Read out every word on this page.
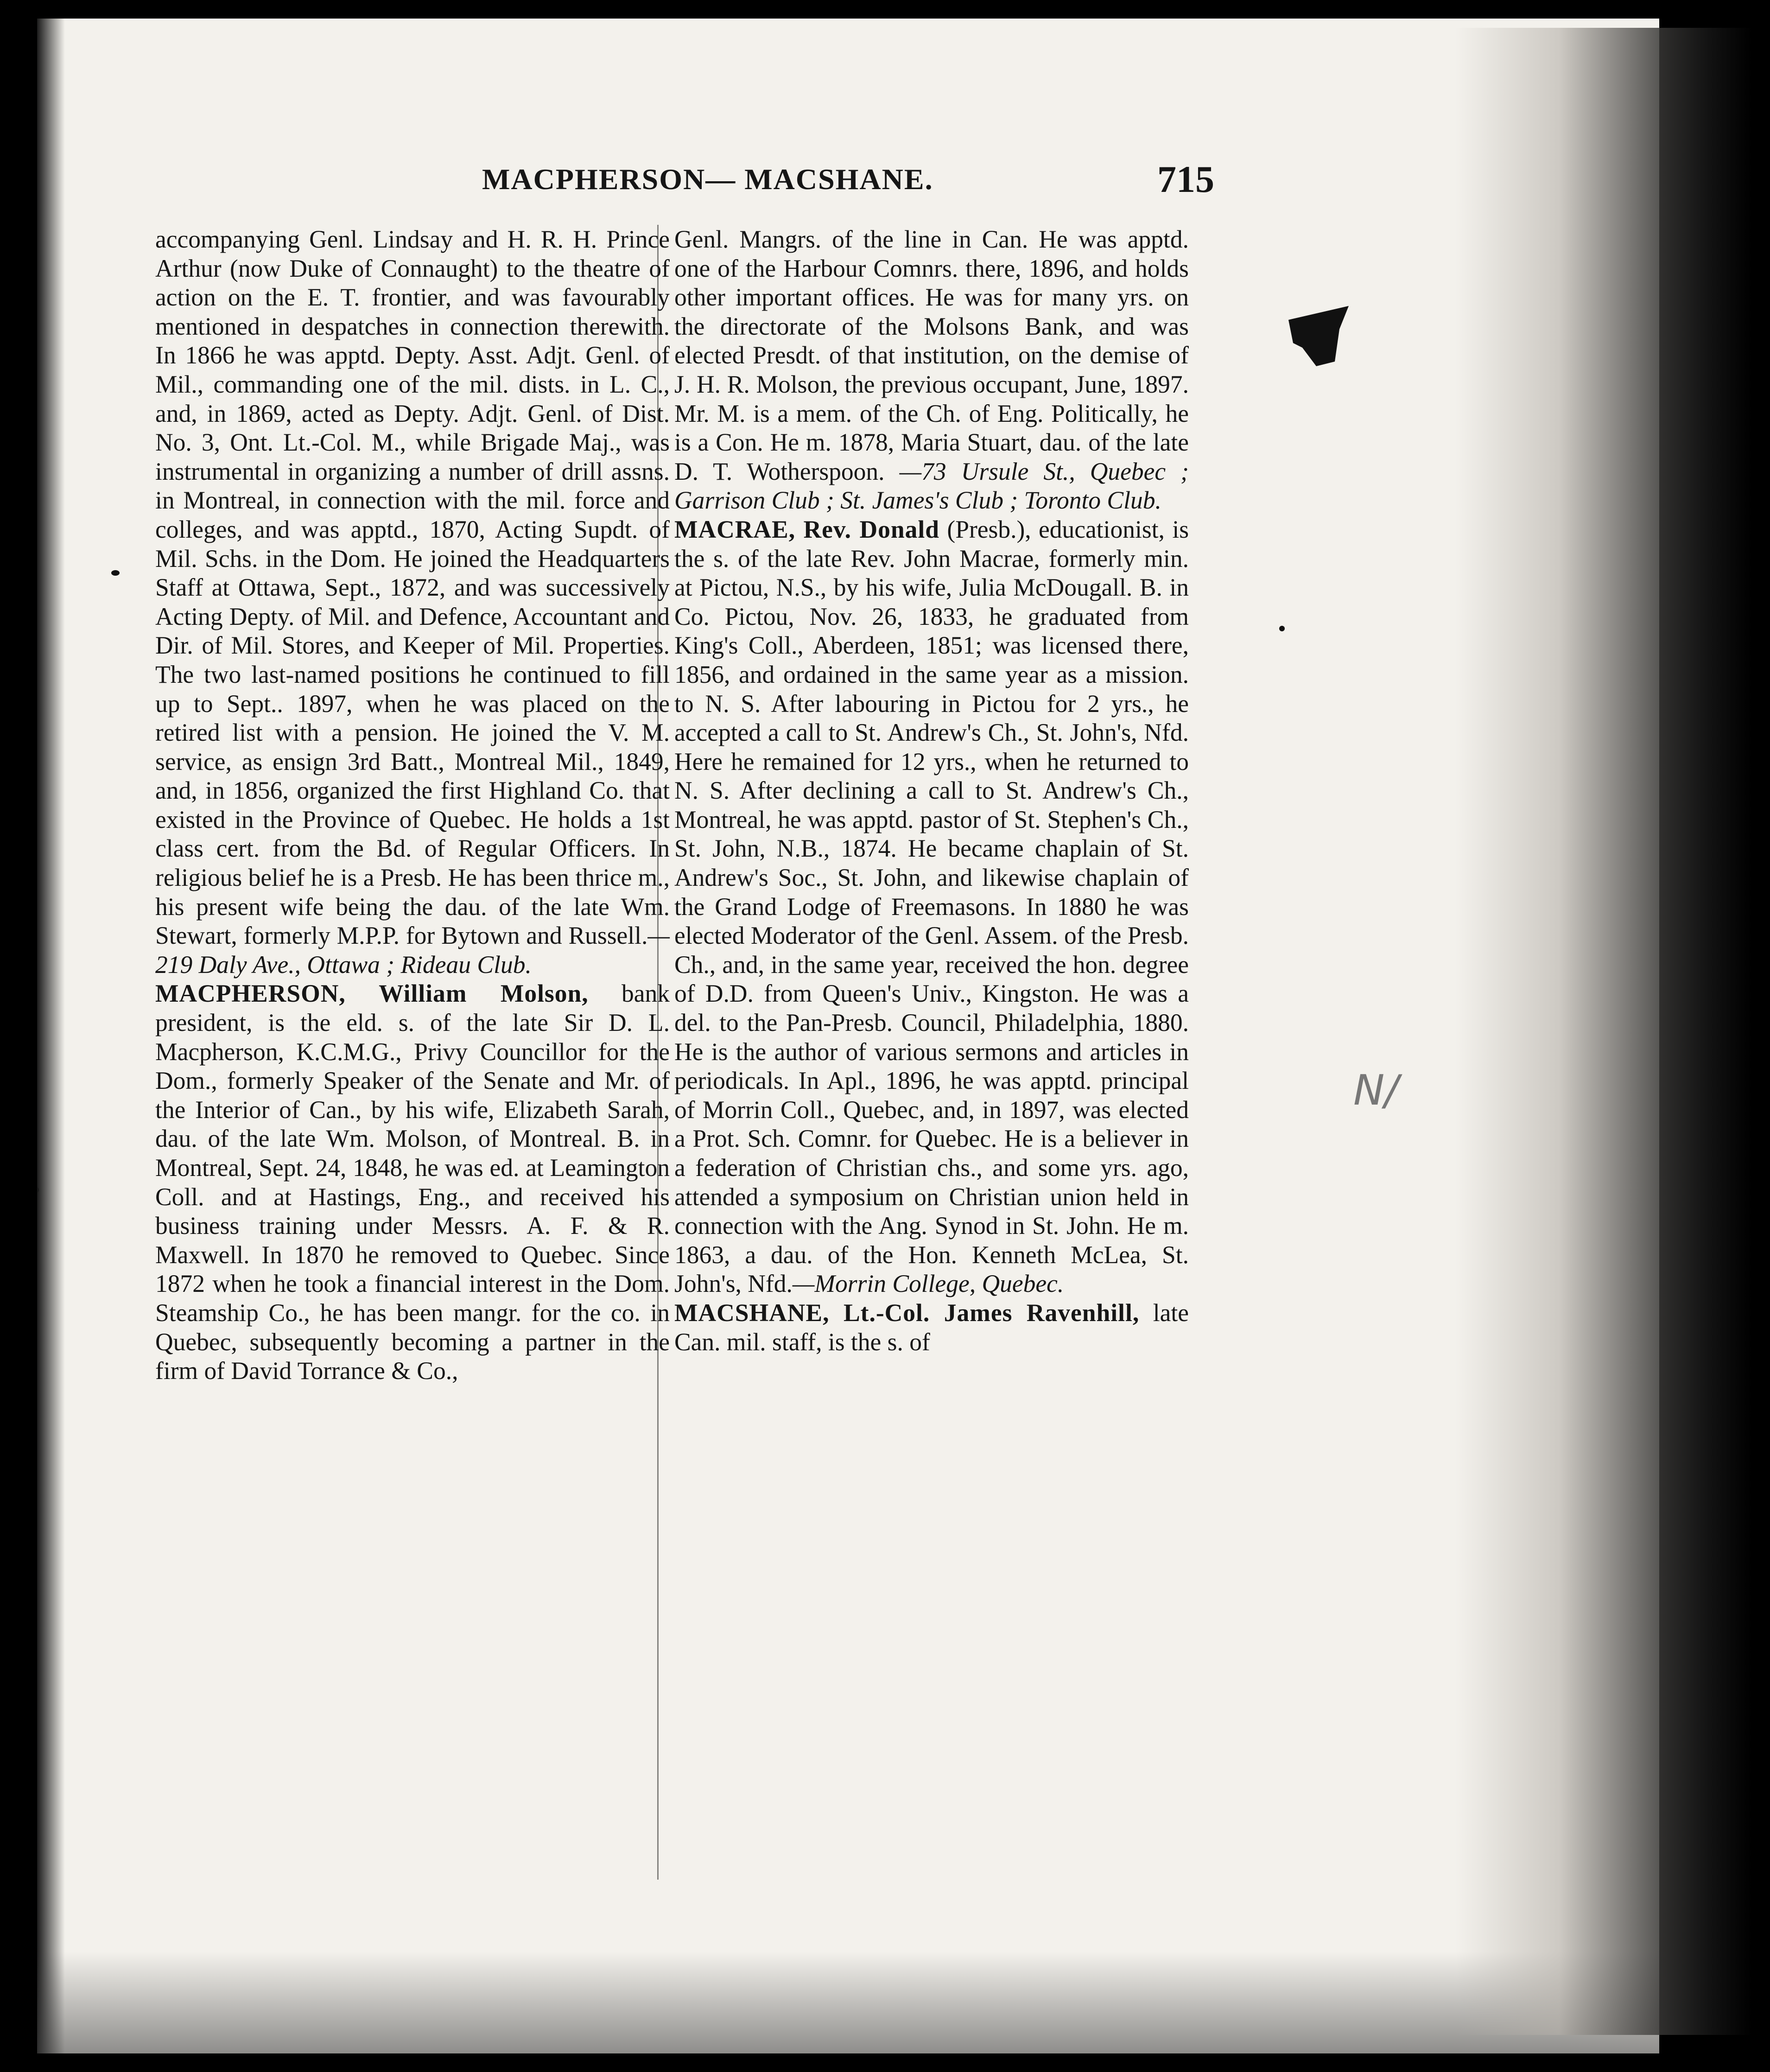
MACPHERSON— MACSHANE.	715

accompanying Genl. Lindsay and H. R. H. Prince Arthur (now Duke of Connaught) to the theatre of action on the E. T. frontier, and was favourably mentioned in despatches in connection therewith. In 1866 he was apptd. Depty. Asst. Adjt. Genl. of Mil., commanding one of the mil. dists. in L. C., and, in 1869, acted as Depty. Adjt. Genl. of Dist. No. 3, Ont. Lt.-Col. M., while Brigade Maj., was instrumental in organizing a number of drill assns. in Montreal, in connection with the mil. force and colleges, and was apptd., 1870, Acting Supdt. of Mil. Schs. in the Dom. He joined the Headquarters Staff at Ottawa, Sept., 1872, and was successively Acting Depty. of Mil. and Defence, Accountant and Dir. of Mil. Stores, and Keeper of Mil. Properties. The two last-named positions he continued to fill up to Sept.. 1897, when he was placed on the retired list with a pension. He joined the V. M. service, as ensign 3rd Batt., Montreal Mil., 1849, and, in 1856, organized the first Highland Co. that existed in the Province of Quebec. He holds a 1st class cert. from the Bd. of Regular Officers. In religious belief he is a Presb. He has been thrice m., his present wife being the dau. of the late Wm. Stewart, formerly M.P.P. for Bytown and Russell.—219 Daly Ave., Ottawa ; Rideau Club.

MACPHERSON, William Molson, bank president, is the eld. s. of the late Sir D. L. Macpherson, K.C.M.G., Privy Councillor for the Dom., formerly Speaker of the Senate and Mr. of the Interior of Can., by his wife, Elizabeth Sarah, dau. of the late Wm. Molson, of Montreal. B. in Montreal, Sept. 24, 1848, he was ed. at Leamington Coll. and at Hastings, Eng., and received his business training under Messrs. A. F. & R. Maxwell. In 1870 he removed to Quebec. Since 1872 when he took a financial interest in the Dom. Steamship Co., he has been mangr. for the co. in Quebec, subsequently becoming a partner in the firm of David Torrance & Co.,

Genl. Mangrs. of the line in Can. He was apptd. one of the Harbour Comnrs. there, 1896, and holds other important offices. He was for many yrs. on the directorate of the Molsons Bank, and was elected Presdt. of that institution, on the demise of J. H. R. Molson, the previous occupant, June, 1897. Mr. M. is a mem. of the Ch. of Eng. Politically, he is a Con. He m. 1878, Maria Stuart, dau. of the late D. T. Wotherspoon. —73 Ursule St., Quebec ; Garrison Club ; St. James's Club ; Toronto Club.

MACRAE, Rev. Donald (Presb.), educationist, is the s. of the late Rev. John Macrae, formerly min. at Pictou, N.S., by his wife, Julia McDougall. B. in Co. Pictou, Nov. 26, 1833, he graduated from King's Coll., Aberdeen, 1851; was licensed there, 1856, and ordained in the same year as a mission. to N. S. After labouring in Pictou for 2 yrs., he accepted a call to St. Andrew's Ch., St. John's, Nfd. Here he remained for 12 yrs., when he returned to N. S. After declining a call to St. Andrew's Ch., Montreal, he was apptd. pastor of St. Stephen's Ch., St. John, N.B., 1874. He became chaplain of St. Andrew's Soc., St. John, and likewise chaplain of the Grand Lodge of Freemasons. In 1880 he was elected Moderator of the Genl. Assem. of the Presb. Ch., and, in the same year, received the hon. degree of D.D. from Queen's Univ., Kingston. He was a del. to the Pan-Presb. Council, Philadelphia, 1880. He is the author of various sermons and articles in periodicals. In Apl., 1896, he was apptd. principal of Morrin Coll., Quebec, and, in 1897, was elected a Prot. Sch. Comnr. for Quebec. He is a believer in a federation of Christian chs., and some yrs. ago, attended a symposium on Christian union held in connection with the Ang. Synod in St. John. He m. 1863, a dau. of the Hon. Kenneth McLea, St. John's, Nfd.—Morrin College, Quebec.

MACSHANE, Lt.-Col. James Ravenhill, late Can. mil. staff, is the s. of

N/
